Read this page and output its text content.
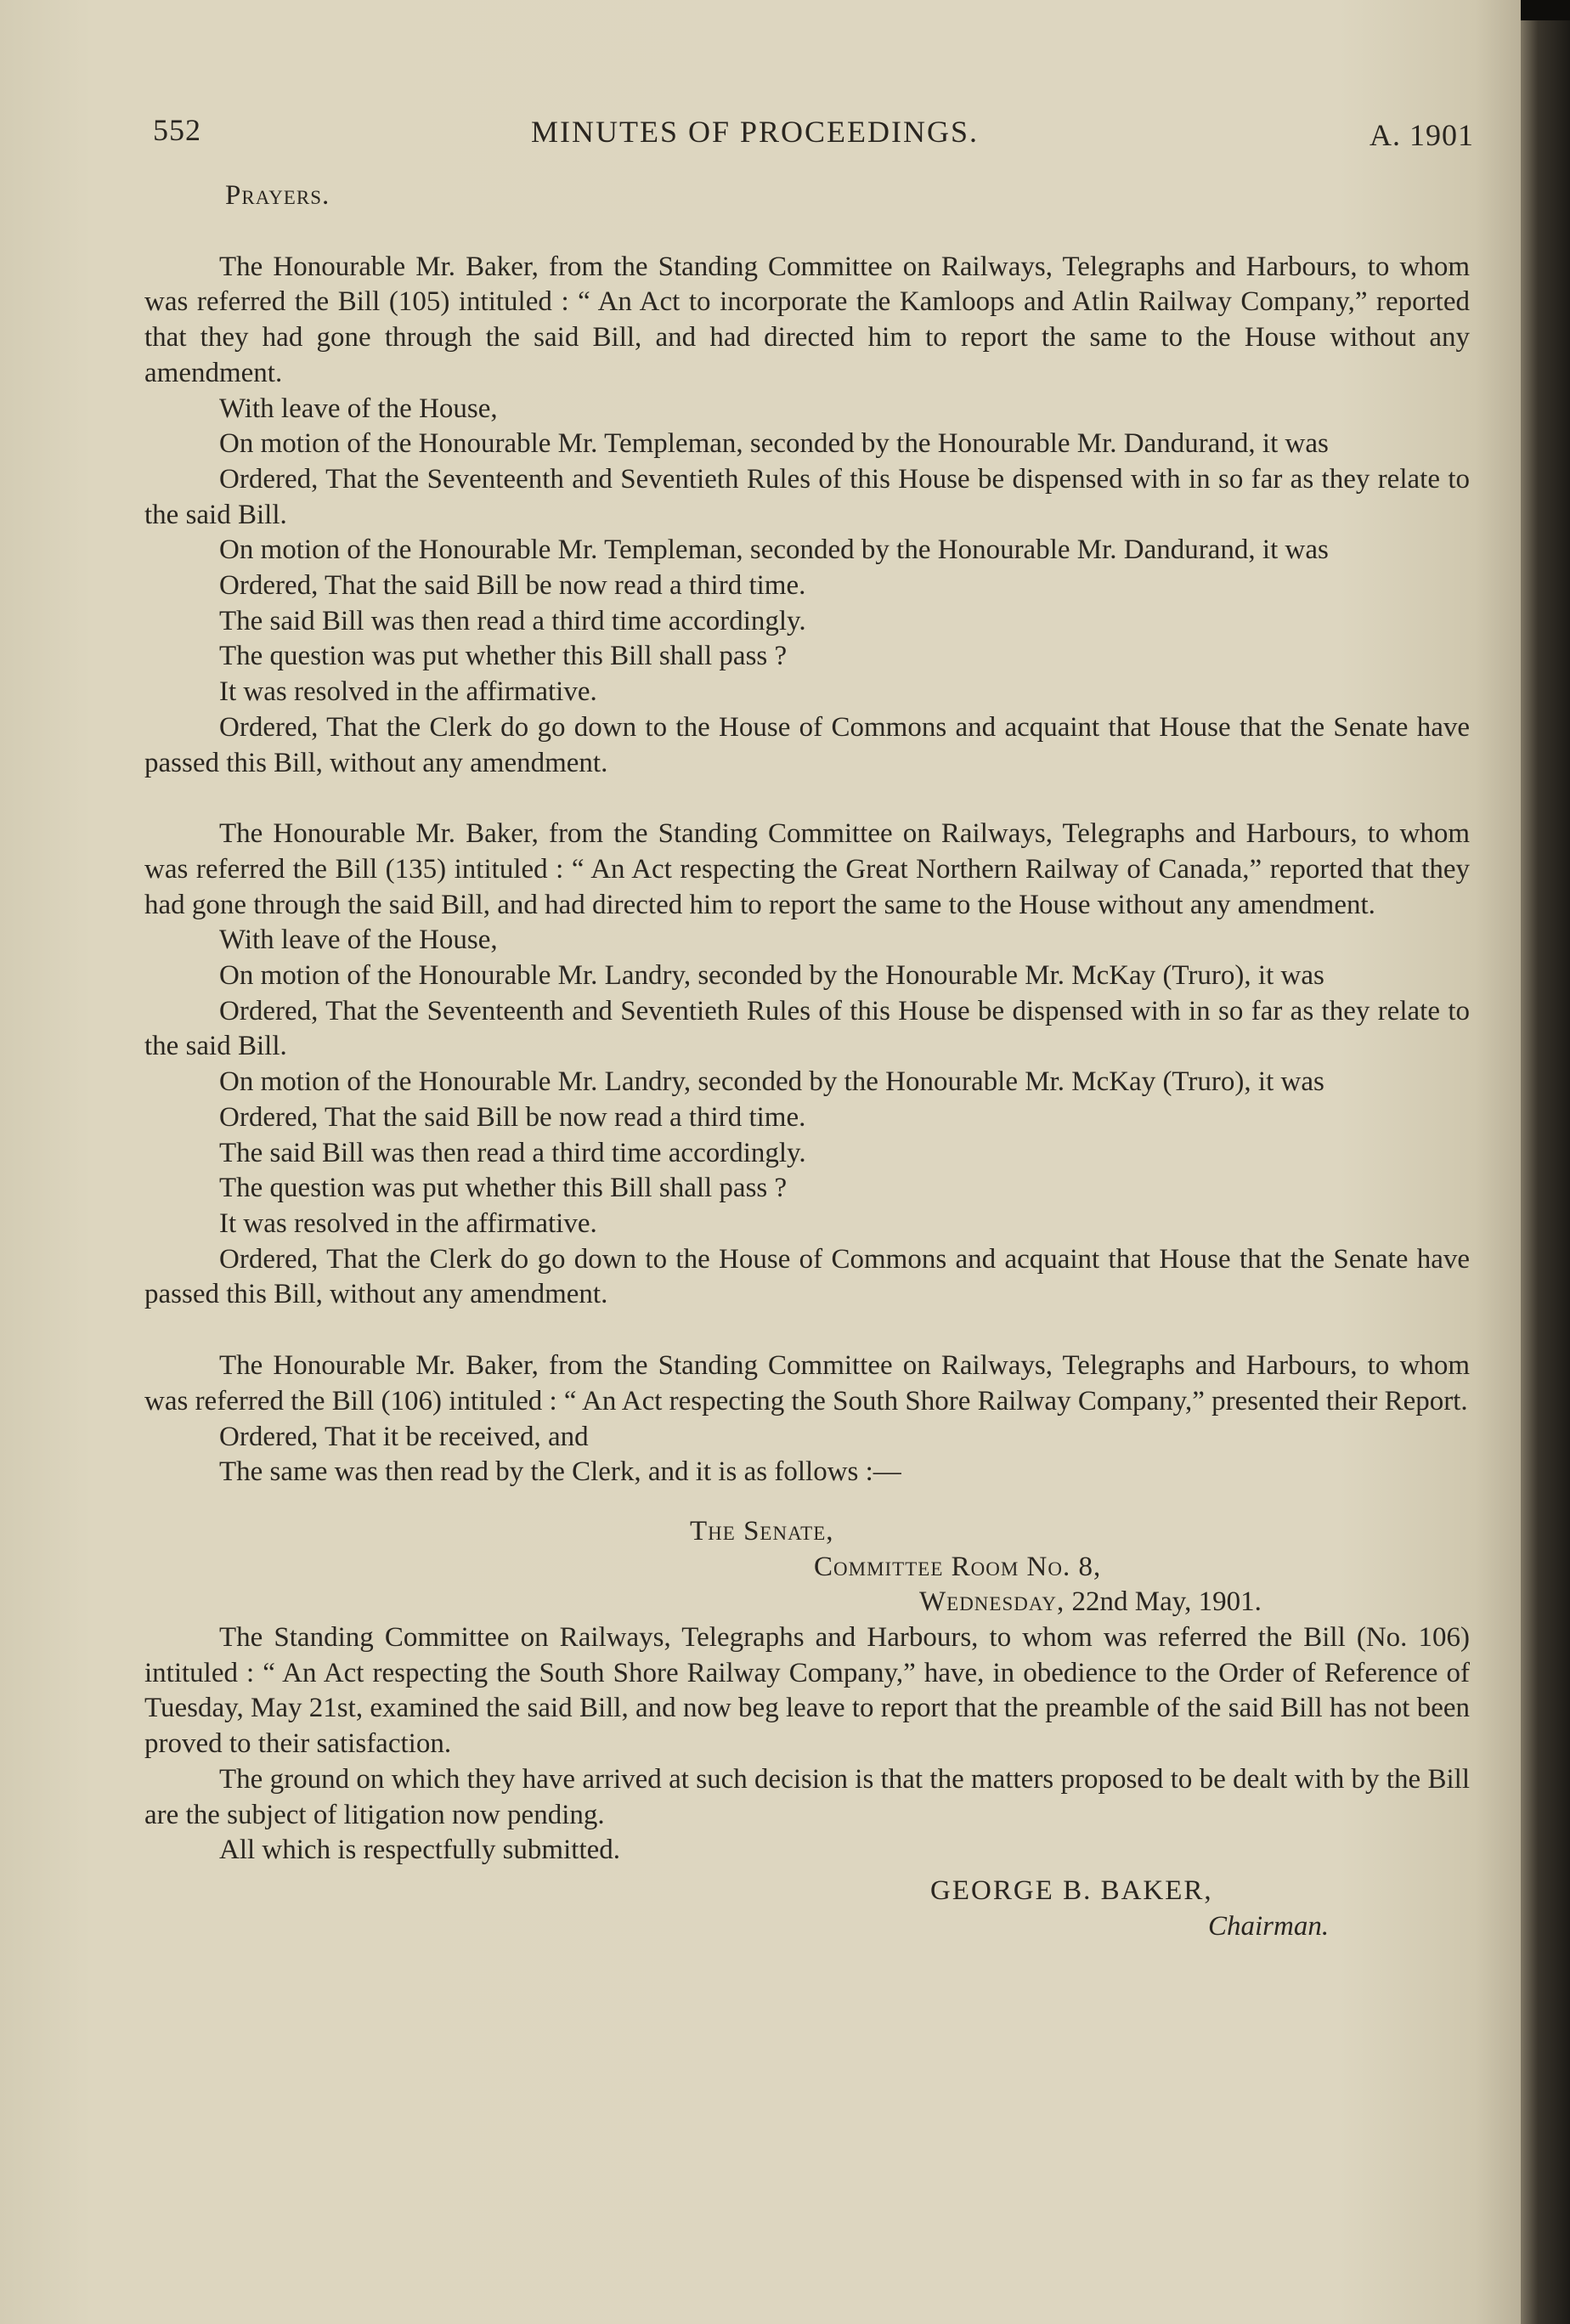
552	MINUTES OF PROCEEDINGS.	A. 1901

Prayers.

The Honourable Mr. Baker, from the Standing Committee on Railways, Telegraphs and Harbours, to whom was referred the Bill (105) intituled : “ An Act to incorporate the Kamloops and Atlin Railway Company,” reported that they had gone through the said Bill, and had directed him to report the same to the House without any amendment.

With leave of the House,

On motion of the Honourable Mr. Templeman, seconded by the Honourable Mr. Dandurand, it was

Ordered, That the Seventeenth and Seventieth Rules of this House be dispensed with in so far as they relate to the said Bill.

On motion of the Honourable Mr. Templeman, seconded by the Honourable Mr. Dandurand, it was

Ordered, That the said Bill be now read a third time.

The said Bill was then read a third time accordingly.

The question was put whether this Bill shall pass ?

It was resolved in the affirmative.

Ordered, That the Clerk do go down to the House of Commons and acquaint that House that the Senate have passed this Bill, without any amendment.

The Honourable Mr. Baker, from the Standing Committee on Railways, Telegraphs and Harbours, to whom was referred the Bill (135) intituled : “ An Act respecting the Great Northern Railway of Canada,” reported that they had gone through the said Bill, and had directed him to report the same to the House without any amendment.

With leave of the House,

On motion of the Honourable Mr. Landry, seconded by the Honourable Mr. McKay (Truro), it was

Ordered, That the Seventeenth and Seventieth Rules of this House be dispensed with in so far as they relate to the said Bill.

On motion of the Honourable Mr. Landry, seconded by the Honourable Mr. McKay (Truro), it was

Ordered, That the said Bill be now read a third time.

The said Bill was then read a third time accordingly.

The question was put whether this Bill shall pass ?

It was resolved in the affirmative.

Ordered, That the Clerk do go down to the House of Commons and acquaint that House that the Senate have passed this Bill, without any amendment.

The Honourable Mr. Baker, from the Standing Committee on Railways, Telegraphs and Harbours, to whom was referred the Bill (106) intituled : “ An Act respecting the South Shore Railway Company,” presented their Report.

Ordered, That it be received, and

The same was then read by the Clerk, and it is as follows :—

The Senate,

Committee Room No. 8,

Wednesday, 22nd May, 1901.

The Standing Committee on Railways, Telegraphs and Harbours, to whom was referred the Bill (No. 106) intituled : “ An Act respecting the South Shore Railway Company,” have, in obedience to the Order of Reference of Tuesday, May 21st, examined the said Bill, and now beg leave to report that the preamble of the said Bill has not been proved to their satisfaction.

The ground on which they have arrived at such decision is that the matters proposed to be dealt with by the Bill are the subject of litigation now pending.

All which is respectfully submitted.

GEORGE B. BAKER,

Chairman.
